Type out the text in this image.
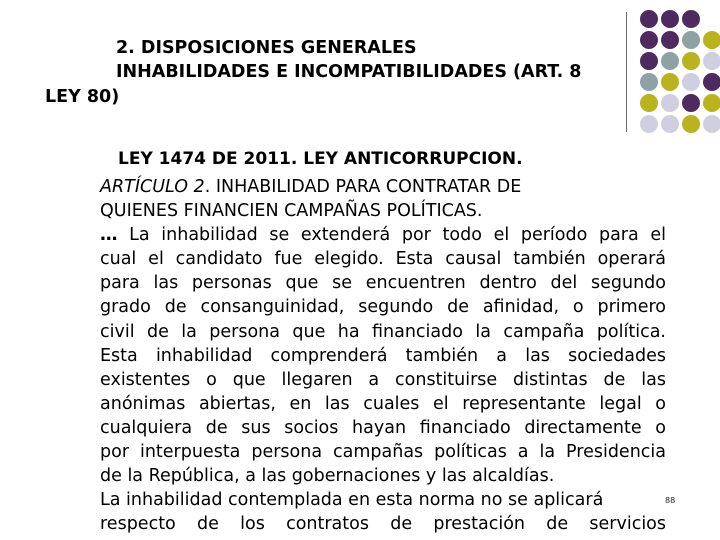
2. DISPOSICIONES GENERALES
INHABILIDADES E INCOMPATIBILIDADES (ART. 8
LEY 80)
LEY 1474 DE 2011. LEY ANTICORRUPCION.

ARTÍCULO 2. INHABILIDAD PARA CONTRATAR DE

QUIENES FINANCIEN CAMPAÑAS POLÍTICAS.

… La inhabilidad se extenderá por todo el período para el

cual el candidato fue elegido. Esta causal también operará

para las personas que se encuentren dentro del segundo

grado de consanguinidad, segundo de afinidad, o primero

civil de la persona que ha financiado la campaña política.

Esta inhabilidad comprenderá también a las sociedades

existentes o que llegaren a constituirse distintas de las

anónimas abiertas, en las cuales el representante legal o

cualquiera de sus socios hayan financiado directamente o

por interpuesta persona campañas políticas a la Presidencia

de la República, a las gobernaciones y las alcaldías.

La inhabilidad contemplada en esta norma no se aplicará

respecto de los contratos de prestación de servicios

88
